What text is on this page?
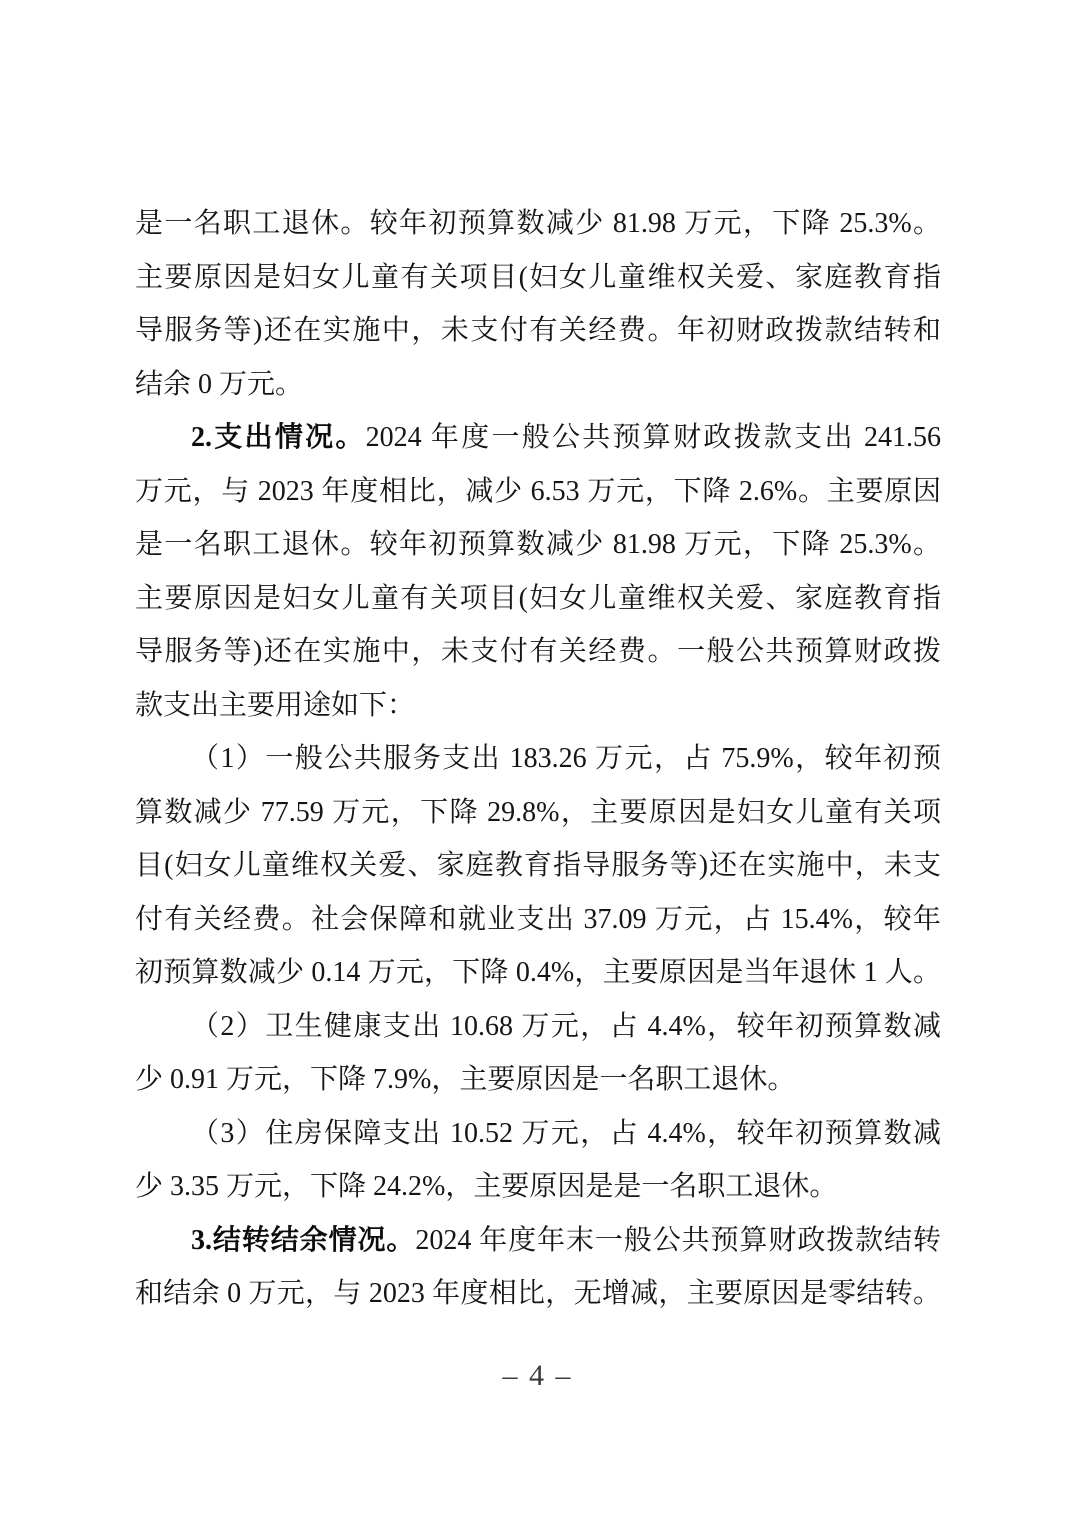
是一名职工退休。较年初预算数减少 81.98 万元，下降 25.3%。
主要原因是妇女儿童有关项目(妇女儿童维权关爱、家庭教育指
导服务等)还在实施中，未支付有关经费。年初财政拨款结转和
结余 0 万元。
2.支出情况。2024 年度一般公共预算财政拨款支出 241.56
万元，与 2023 年度相比，减少 6.53 万元，下降 2.6%。主要原因
是一名职工退休。较年初预算数减少 81.98 万元，下降 25.3%。
主要原因是妇女儿童有关项目(妇女儿童维权关爱、家庭教育指
导服务等)还在实施中，未支付有关经费。一般公共预算财政拨
款支出主要用途如下：
（1）一般公共服务支出 183.26 万元，占 75.9%，较年初预
算数减少 77.59 万元，下降 29.8%，主要原因是妇女儿童有关项
目(妇女儿童维权关爱、家庭教育指导服务等)还在实施中，未支
付有关经费。社会保障和就业支出 37.09 万元，占 15.4%，较年
初预算数减少 0.14 万元，下降 0.4%，主要原因是当年退休 1 人。
（2）卫生健康支出 10.68 万元，占 4.4%，较年初预算数减
少 0.91 万元，下降 7.9%，主要原因是一名职工退休。
（3）住房保障支出 10.52 万元，占 4.4%，较年初预算数减
少 3.35 万元，下降 24.2%，主要原因是是一名职工退休。
3.结转结余情况。2024 年度年末一般公共预算财政拨款结转
和结余 0 万元，与 2023 年度相比，无增减，主要原因是零结转。
– 4 –
